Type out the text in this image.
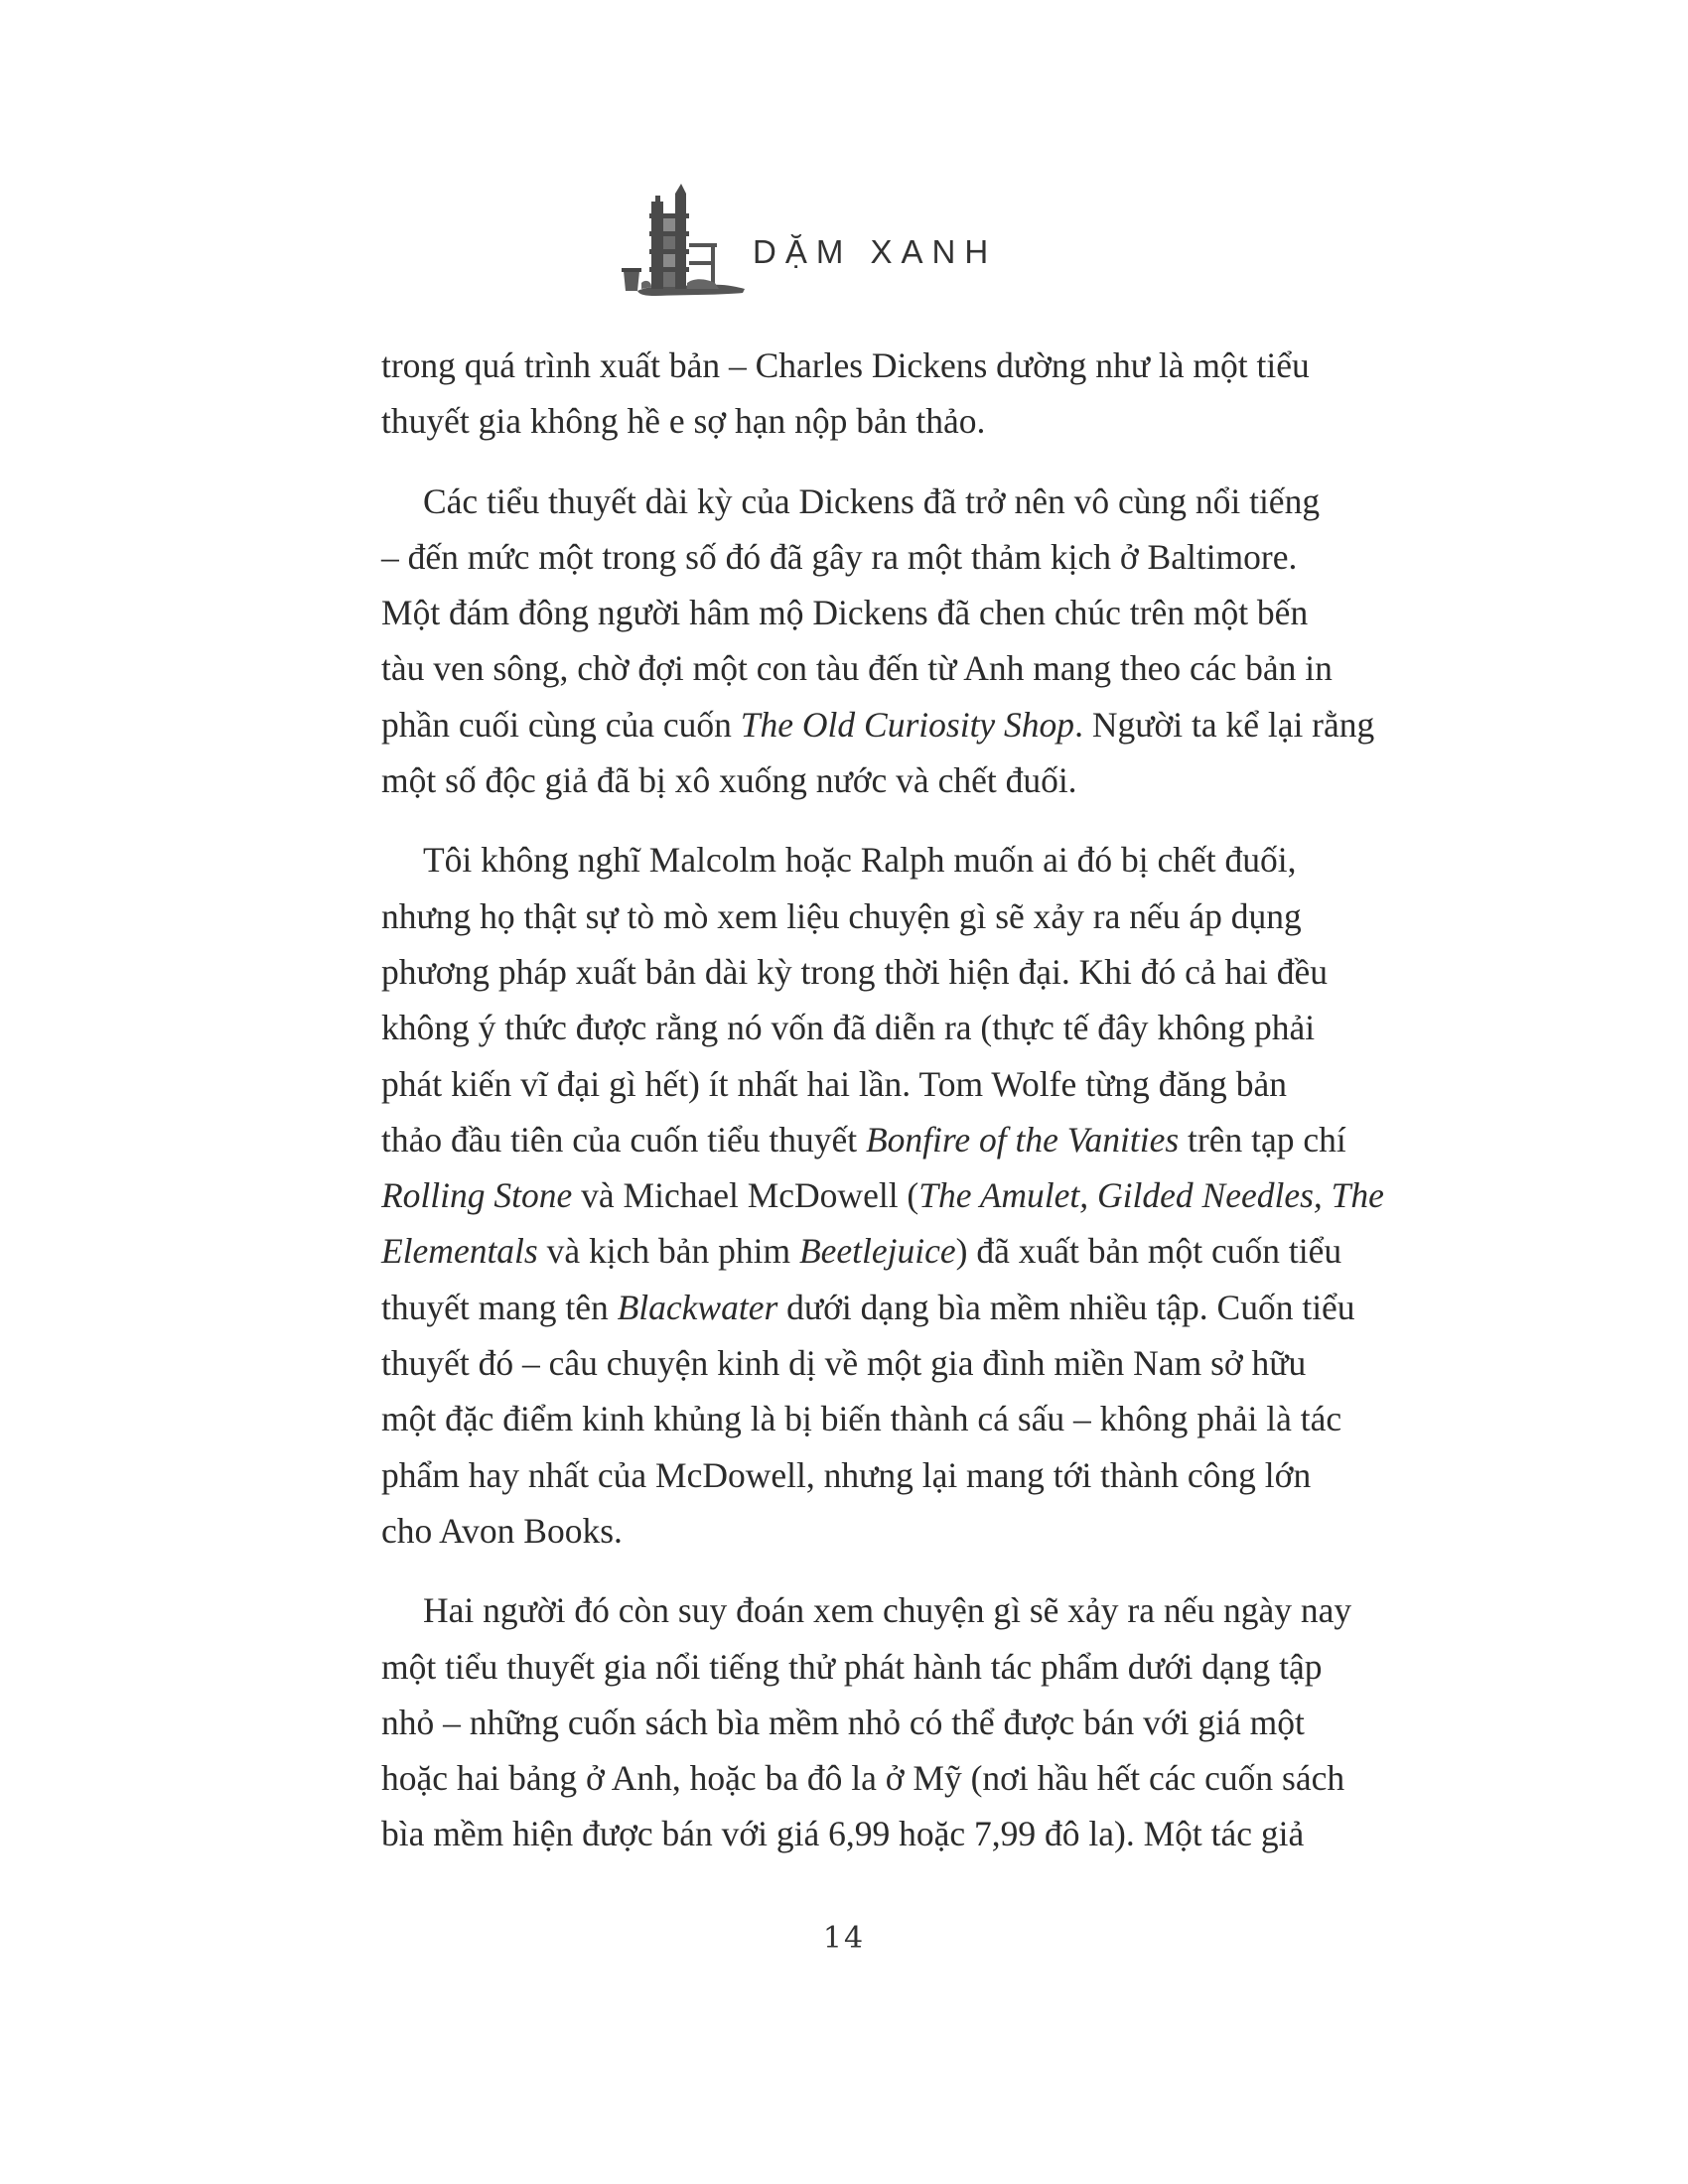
DẶM XANH
trong quá trình xuất bản – Charles Dickens dường như là một tiểu
thuyết gia không hề e sợ hạn nộp bản thảo.
Các tiểu thuyết dài kỳ của Dickens đã trở nên vô cùng nổi tiếng
– đến mức một trong số đó đã gây ra một thảm kịch ở Baltimore.
Một đám đông người hâm mộ Dickens đã chen chúc trên một bến
tàu ven sông, chờ đợi một con tàu đến từ Anh mang theo các bản in
phần cuối cùng của cuốn The Old Curiosity Shop. Người ta kể lại rằng
một số độc giả đã bị xô xuống nước và chết đuối.
Tôi không nghĩ Malcolm hoặc Ralph muốn ai đó bị chết đuối,
nhưng họ thật sự tò mò xem liệu chuyện gì sẽ xảy ra nếu áp dụng
phương pháp xuất bản dài kỳ trong thời hiện đại. Khi đó cả hai đều
không ý thức được rằng nó vốn đã diễn ra (thực tế đây không phải
phát kiến vĩ đại gì hết) ít nhất hai lần. Tom Wolfe từng đăng bản
thảo đầu tiên của cuốn tiểu thuyết Bonfire of the Vanities trên tạp chí
Rolling Stone và Michael McDowell (The Amulet, Gilded Needles, The
Elementals và kịch bản phim Beetlejuice) đã xuất bản một cuốn tiểu
thuyết mang tên Blackwater dưới dạng bìa mềm nhiều tập. Cuốn tiểu
thuyết đó – câu chuyện kinh dị về một gia đình miền Nam sở hữu
một đặc điểm kinh khủng là bị biến thành cá sấu – không phải là tác
phẩm hay nhất của McDowell, nhưng lại mang tới thành công lớn
cho Avon Books.
Hai người đó còn suy đoán xem chuyện gì sẽ xảy ra nếu ngày nay
một tiểu thuyết gia nổi tiếng thử phát hành tác phẩm dưới dạng tập
nhỏ – những cuốn sách bìa mềm nhỏ có thể được bán với giá một
hoặc hai bảng ở Anh, hoặc ba đô la ở Mỹ (nơi hầu hết các cuốn sách
bìa mềm hiện được bán với giá 6,99 hoặc 7,99 đô la). Một tác giả
14
